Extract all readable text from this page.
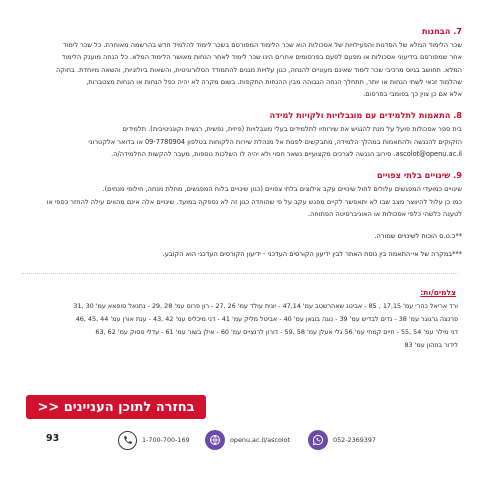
7. הבחנות
שכר הלימוד המלא של הסדנות והפעילויות של אסכולות הוא שכר הלימוד המפורסם בשכר לימוד להלמיד חדש בהרשמה מאוחרת. כל שכר לימוד
אחר שמפורסם בידיעוני אסכולות או מפעם לפעם בפרסומים אחרים הינו שכר לימוד לאחר הנחות מאושר הלימוד המלא. כל הנחה מוענק הלימוד
המלא. תחושב בגיוס מרכיבי שכר לימוד שאינם מעוניים להנחה, כגון עלויות מגנים להתמודד הסלורוגיטית, והשאות ביולוגיות, והשאה מיוחדת. בחוקה
שהלמוד זכאי לשתי הנחות או יותר, תתחלך הנחה הגבוהה מבין ההנחות התקפות. בשום מקרה לא יהיה כפל הנחות או הנחות מצטברות,
אלא אם כן צוין כך בפומבי בפרסום.
8. התאמות לתלמידים עם מוגבלויות ולקויות למידה
בית ספר אסכולות פועל על מנת להנגיש את שירותיו לתלמידים בעלי מוגבלויות (פיזית, נפשית, רגשית וקוגניטיבית). תלמידים
הזקוקים להנגשה ולהתאמות במהלך הלמידה, מתבקשים לפנות אל מנהלת שירות הלקוחות בטלפון 09-7780904 או בדואר אלקטרוני
ascolot@openu.ac.il. סירוב הנגשה לצרכים מקצועיים נשאר חסוי ולא יהיה לו השלכות נוספות, מעבר להקשות החלמידה/ה.
9. שינויים בלתי צפויים
שינויים כמועדי המפגשים עלולים לחול שינויים עקב אילוצים בלתי צפויים (כגון שינויים בלוח המפגשים, מחלת מנחה, חילופי מנחים).
כמו כן עלול להיווצר מצב שבו לא יתאפשר לקיים מפגש עקב על פי שהוחדה כגון זה לא נספקה במועד. שינויים אלה אינם מהווים עילה להחזר כספי או
לטענה כלשהי כלפי אסכולות או האוניברסיטה הפתוחה.
**כ.ט.ס הוכות לשינויים שמורה.
***במקרה של אי-התאמה בין נוסח האתר לבין ידיעון הקורסים העדכני - ידיעון הקורסים העדכני הוא הקובע.
צלמים/ות:
ורד אריאל כהרי עמ' 17,15 , 85 - אביטג שאהרשטב עמ' 47,14 - יונית עולד עמ' 26 ,27 - רון פרוס עמ' 28 ,29 - נתנאל סופאא עמ' 30 ,31
פרנצה גרגוגר עמ' 38 - נדים לבדיש עמ' 39 - נוגה בוגאן עמ' 40 - אביטל מליק עמ' 41 - דני מיכליס עמ' 42 ,43 - ענת אורן עמ' 44 ,45 ,46
דני מילר עמ' 54 ,55 - חיים קמחי עמ' 56 גלי אעלן עמ' 58 ,59 - דורון לרנציים עמ' 60 - אילן בשור עמ' 61 - עדלי ססוק עמ' 62 ,63
לידור בוזהון עמ' 83
בחזרה לתוכן העניינים <<
93	1-700-700-169	openu.ac.il/ascolot	052-2369397
